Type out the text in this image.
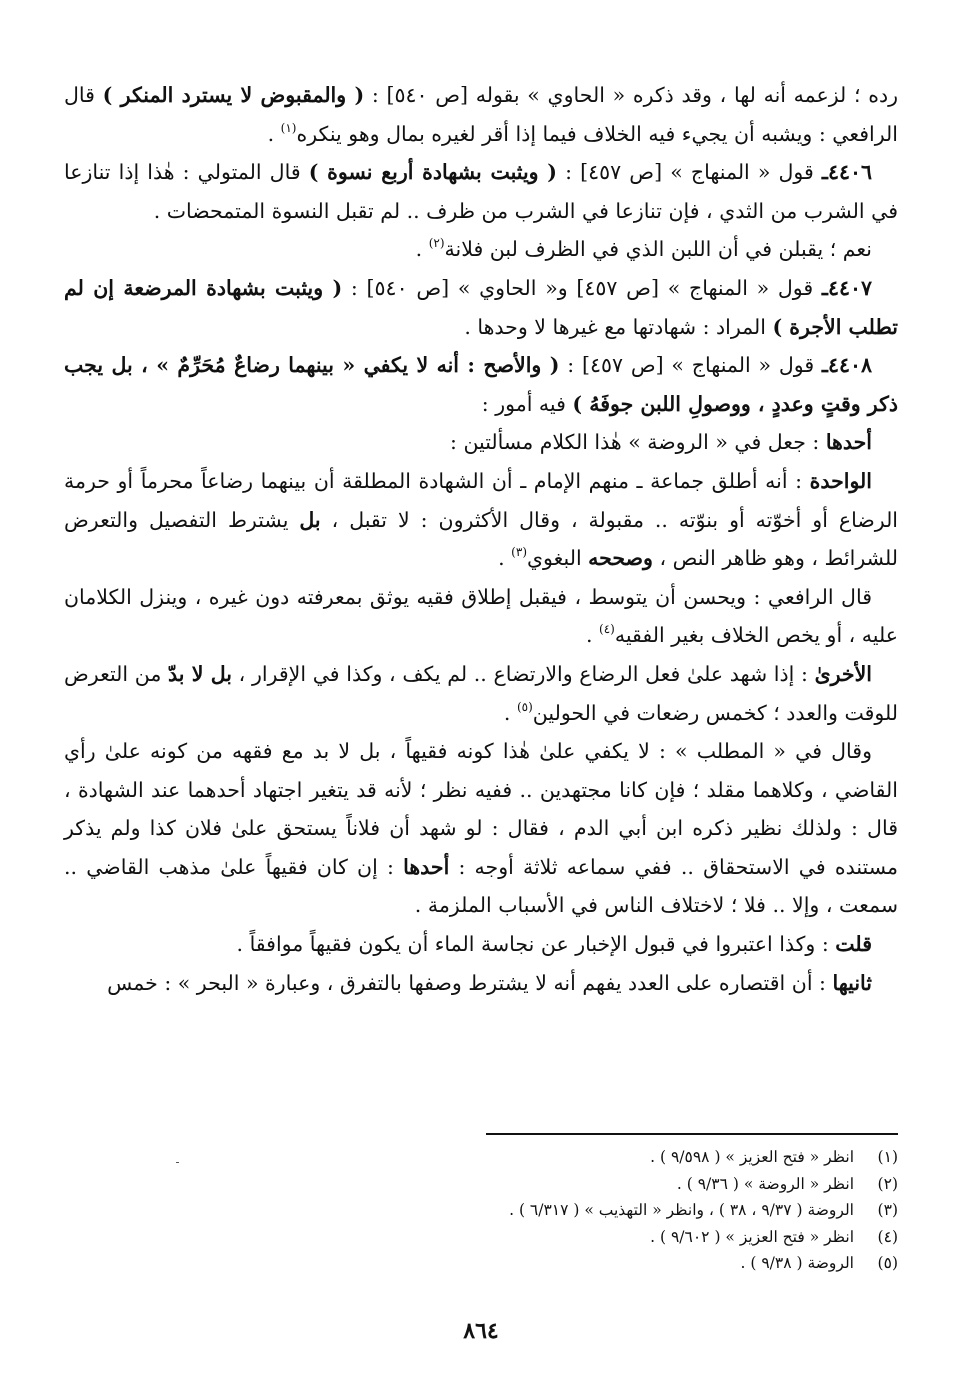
رده ؛ لزعمه أنه لها ، وقد ذكره « الحاوي » بقوله [ص ٥٤٠] : ( والمقبوض لا يسترد المنكر ) قال الرافعي : ويشبه أن يجيء فيه الخلاف فيما إذا أقر لغيره بمال وهو ينكره$^{(١)}$ .

٤٤٠٦ـ قول « المنهاج » [ص ٤٥٧] : ( ويثبت بشهادة أربع نسوة ) قال المتولي : هٰذا إذا تنازعا في الشرب من الثدي ، فإن تنازعا في الشرب من ظرف .. لم تقبل النسوة المتمحضات .

نعم ؛ يقبلن في أن اللبن الذي في الظرف لبن فلانة$^{(٢)}$ .

٤٤٠٧ـ قول « المنهاج » [ص ٤٥٧] و« الحاوي » [ص ٥٤٠] : ( ويثبت بشهادة المرضعة إن لم تطلب الأجرة ) المراد : شهادتها مع غيرها لا وحدها .

٤٤٠٨ـ قول « المنهاج » [ص ٤٥٧] : ( والأصح : أنه لا يكفي « بينهما رضاعٌ مُحَرِّمٌ » ، بل يجب ذكر وقتٍ وعددٍ ، ووصولِ اللبن جوفَهُ ) فيه أمور :

أحدها : جعل في « الروضة » هٰذا الكلام مسألتين :

الواحدة : أنه أطلق جماعة ـ منهم الإمام ـ أن الشهادة المطلقة أن بينهما رضاعاً محرماً أو حرمة الرضاع أو أخوّته أو بنوّته .. مقبولة ، وقال الأكثرون : لا تقبل ، بل يشترط التفصيل والتعرض للشرائط ، وهو ظاهر النص ، وصححه البغوي$^{(٣)}$ .

قال الرافعي : ويحسن أن يتوسط ، فيقبل إطلاق فقيه يوثق بمعرفته دون غيره ، وينزل الكلامان عليه ، أو يخص الخلاف بغير الفقيه$^{(٤)}$ .

الأخرىٰ : إذا شهد علىٰ فعل الرضاع والارتضاع .. لم يكف ، وكذا في الإقرار ، بل لا بدّ من التعرض للوقت والعدد ؛ كخمس رضعات في الحولين$^{(٥)}$ .

وقال في « المطلب » : لا يكفي علىٰ هٰذا كونه فقيهاً ، بل لا بد مع فقهه من كونه علىٰ رأي القاضي ، وكلاهما مقلد ؛ فإن كانا مجتهدين .. ففيه نظر ؛ لأنه قد يتغير اجتهاد أحدهما عند الشهادة ، قال : ولذلك نظير ذكره ابن أبي الدم ، فقال : لو شهد أن فلاناً يستحق علىٰ فلان كذا ولم يذكر مستنده في الاستحقاق .. ففي سماعه ثلاثة أوجه : أحدها : إن كان فقيهاً علىٰ مذهب القاضي .. سمعت ، وإلا .. فلا ؛ لاختلاف الناس في الأسباب الملزمة .

قلت : وكذا اعتبروا في قبول الإخبار عن نجاسة الماء أن يكون فقيهاً موافقاً .

ثانيها : أن اقتصاره على العدد يفهم أنه لا يشترط وصفها بالتفرق ، وعبارة « البحر » : خمس

(١)انظر « فتح العزيز » ( ٩/٥٩٨ ) .

(٢)انظر « الروضة » ( ٩/٣٦ ) .

(٣)الروضة ( ٩/٣٧ ، ٣٨ ) ، وانظر « التهذيب » ( ٦/٣١٧ ) .

(٤)انظر « فتح العزيز » ( ٩/٦٠٢ ) .

(٥)الروضة ( ٩/٣٨ ) .

٨٦٤
